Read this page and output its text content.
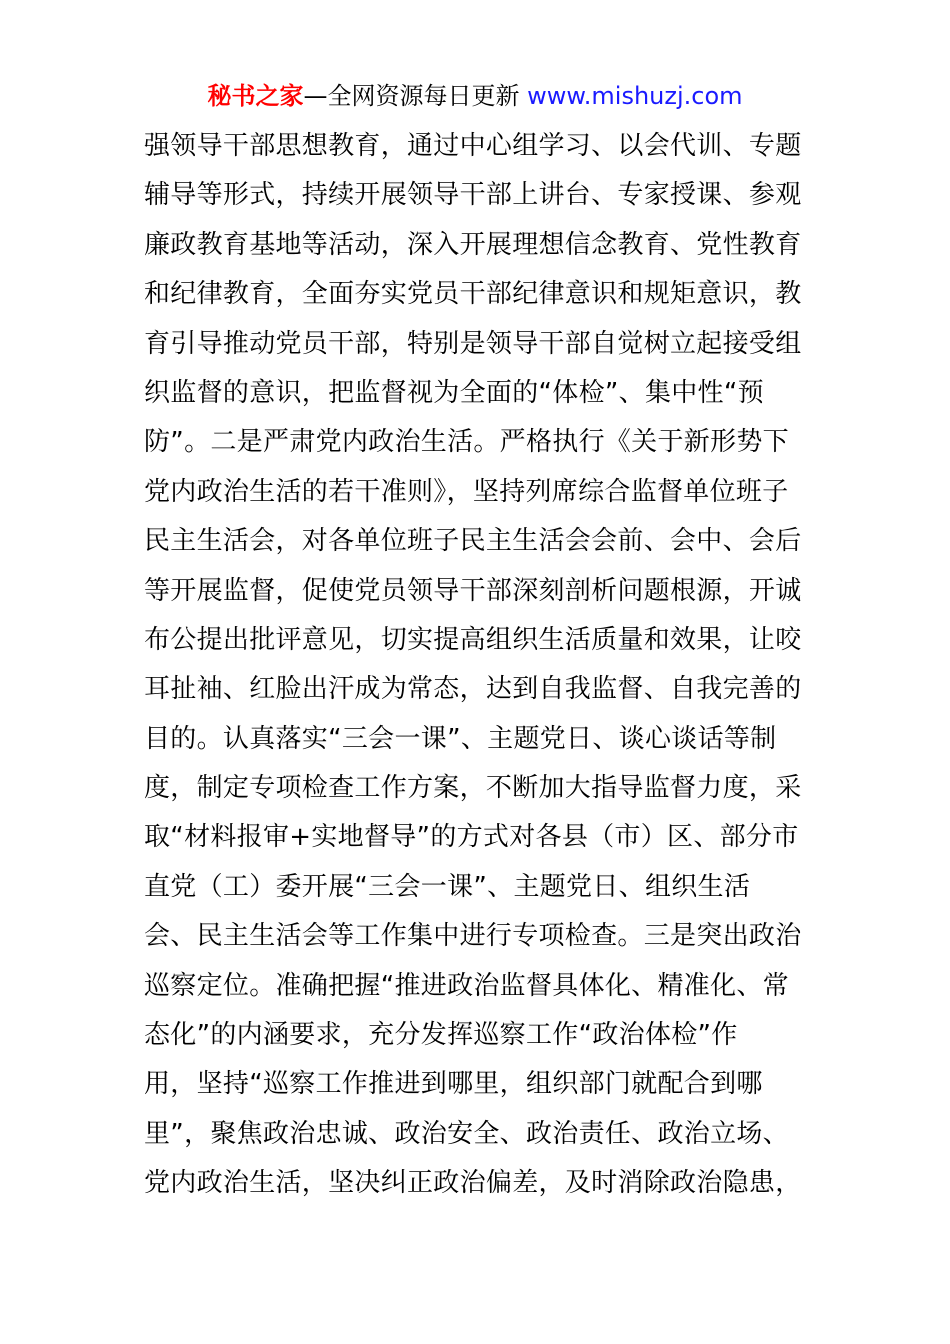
秘书之家—全网资源每日更新 www.mishuzj.com
强领导干部思想教育，通过中心组学习、以会代训、专题
辅导等形式，持续开展领导干部上讲台、专家授课、参观
廉政教育基地等活动，深入开展理想信念教育、党性教育
和纪律教育，全面夯实党员干部纪律意识和规矩意识，教
育引导推动党员干部，特别是领导干部自觉树立起接受组
织监督的意识，把监督视为全面的“体检”、集中性“预
防”。二是严肃党内政治生活。严格执行《关于新形势下
党内政治生活的若干准则》，坚持列席综合监督单位班子
民主生活会，对各单位班子民主生活会会前、会中、会后
等开展监督，促使党员领导干部深刻剖析问题根源，开诚
布公提出批评意见，切实提高组织生活质量和效果，让咬
耳扯袖、红脸出汗成为常态，达到自我监督、自我完善的
目的。认真落实“三会一课”、主题党日、谈心谈话等制
度，制定专项检查工作方案，不断加大指导监督力度，采
取“材料报审+实地督导”的方式对各县（市）区、部分市
直党（工）委开展“三会一课”、主题党日、组织生活
会、民主生活会等工作集中进行专项检查。三是突出政治
巡察定位。准确把握“推进政治监督具体化、精准化、常
态化”的内涵要求，充分发挥巡察工作“政治体检”作
用，坚持“巡察工作推进到哪里，组织部门就配合到哪
里”，聚焦政治忠诚、政治安全、政治责任、政治立场、
党内政治生活，坚决纠正政治偏差，及时消除政治隐患，
